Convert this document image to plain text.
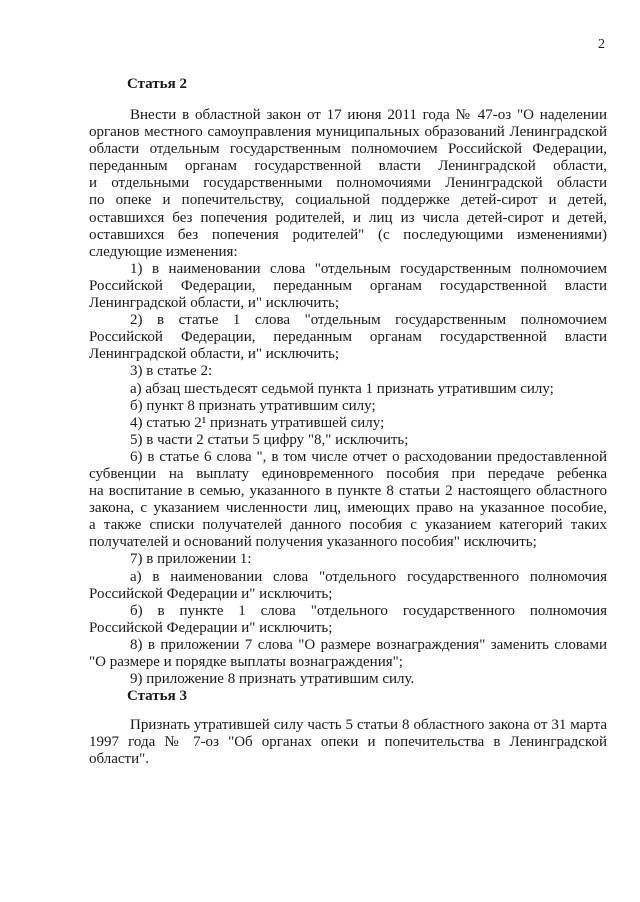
2
Статья 2

Внести в областной закон от 17 июня 2011 года № 47-оз "О наделении

органов местного самоуправления муниципальных образований Ленинградской

области отдельным государственным полномочием Российской Федерации,

переданным органам государственной власти Ленинградской области,

и отдельными государственными полномочиями Ленинградской области

по опеке и попечительству, социальной поддержке детей-сирот и детей,

оставшихся без попечения родителей, и лиц из числа детей-сирот и детей,

оставшихся без попечения родителей" (с последующими изменениями)

следующие изменения:

1) в наименовании слова "отдельным государственным полномочием

Российской Федерации, переданным органам государственной власти

Ленинградской области, и" исключить;

2) в статье 1 слова "отдельным государственным полномочием

Российской Федерации, переданным органам государственной власти

Ленинградской области, и" исключить;

3) в статье 2:

а) абзац шестьдесят седьмой пункта 1 признать утратившим силу;

б) пункт 8 признать утратившим силу;

4) статью 2¹ признать утратившей силу;

5) в части 2 статьи 5 цифру "8," исключить;

6) в статье 6 слова ", в том числе отчет о расходовании предоставленной

субвенции на выплату единовременного пособия при передаче ребенка

на воспитание в семью, указанного в пункте 8 статьи 2 настоящего областного

закона, с указанием численности лиц, имеющих право на указанное пособие,

а также списки получателей данного пособия с указанием категорий таких

получателей и оснований получения указанного пособия" исключить;

7) в приложении 1:

а) в наименовании слова "отдельного государственного полномочия

Российской Федерации и" исключить;

б) в пункте 1 слова "отдельного государственного полномочия

Российской Федерации и" исключить;

8) в приложении 7 слова "О размере вознаграждения" заменить словами

"О размере и порядке выплаты вознаграждения";

9) приложение 8 признать утратившим силу.

Статья 3

Признать утратившей силу часть 5 статьи 8 областного закона от 31 марта

1997 года № 7-оз "Об органах опеки и попечительства в Ленинградской

области".
